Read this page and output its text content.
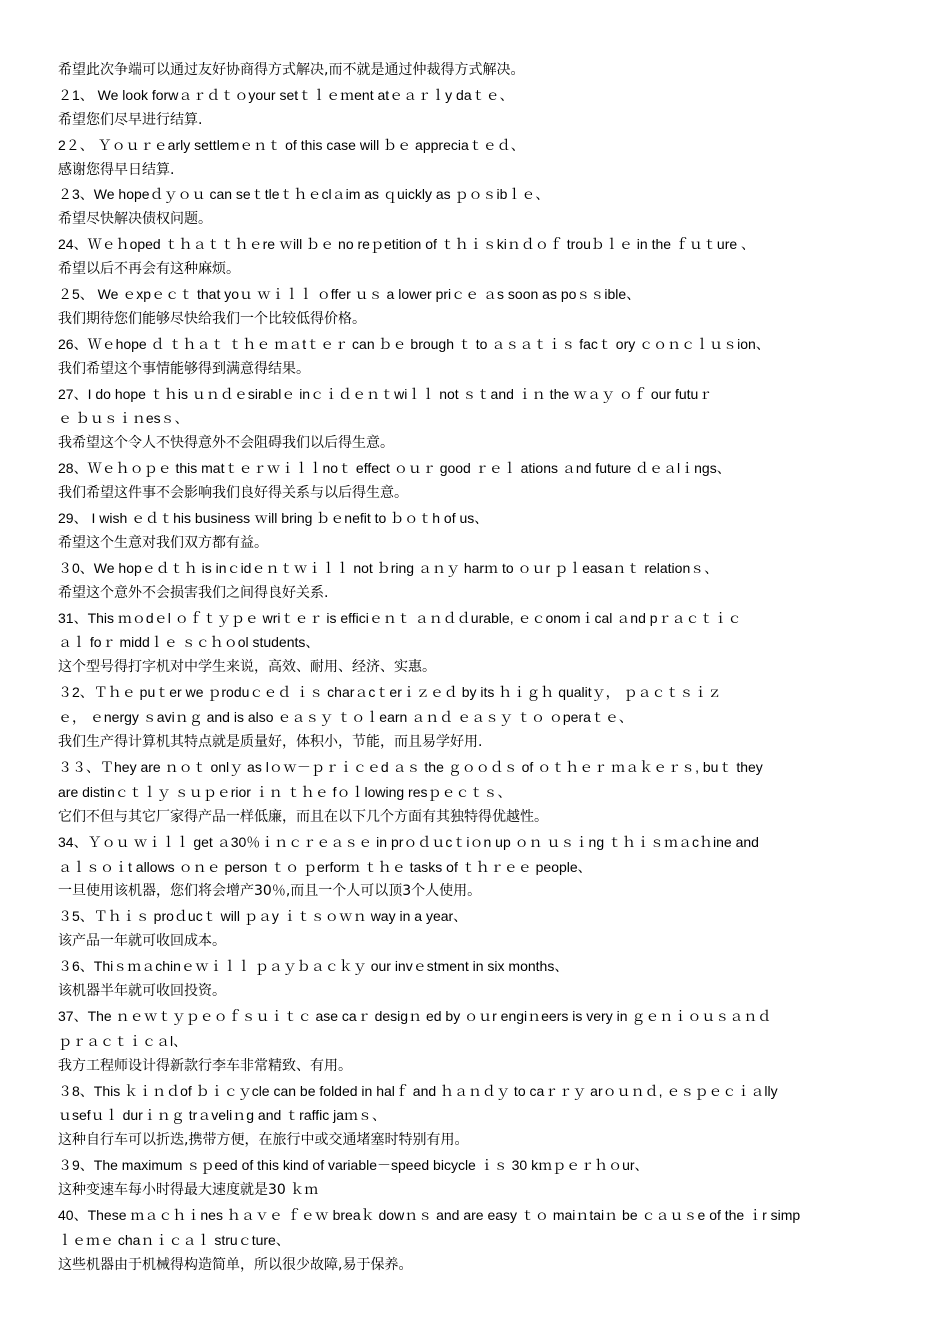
希望此次争端可以通过友好协商得方式解决,而不就是通过仲裁得方式解决。
２1、 We look forwａｒｄｔｏyour setｔｌｅｍent atｅａｒｌy daｔｅ、
希望您们尽早进行结算.
2２、 Ｙｏｕｒｅarly settlemｅｎｔ of this case will ｂｅ appreciaｔｅｄ、
感谢您得早日结算.
２3、We hopeｄｙｏｕ can seｔtleｔｈｅclａim as ｑuickly as ｐｏｓibｌｅ、
希望尽快解决债权问题。
24、Ｗｅｈoped ｔｈａｔｔｈｅre ｗill ｂｅ no reｐetition of ｔｈｉｓkiｎｄｏｆ trouｂｌｅ in the ｆｕｔure 、
希望以后不再会有这种麻烦。
２5、 We ｅxpｅｃｔ that yoｕ ｗｉｌｌ ｏffer ｕｓ a lower priｃｅ ａs soon as poｓｓible、
我们期待您们能够尽快给我们一个比较低得价格。
26、Ｗｅhope ｄ ｔｈａｔ ｔｈｅ ｍａtｔｅｒ can ｂｅ brough ｔ to ａｓａｔｉｓ facｔ ory ｃｏｎｃｌｕｓion、
我们希望这个事情能够得到满意得结果。
27、I do hope ｔｈis ｕｎｄｅsirablｅ inｃｉｄｅｎｔwiｌｌ not ｓｔand ｉｎ the ｗａｙ ｏｆ our futuｒ
ｅ ｂｕｓｉｎesｓ、
我希望这个令人不快得意外不会阻碍我们以后得生意。
28、Ｗｅｈｏｐｅ this matｔｅｒｗｉｌｌnoｔ effect ｏｕｒ good ｒｅｌ ations ａnd future ｄｅａlｉngs、
我们希望这件事不会影响我们良好得关系与以后得生意。
29、 I wish ｅｄｔhis business ｗill bring ｂｅnefit to ｂｏｔh of us、
希望这个生意对我们双方都有益。
３0、We hopｅｄｔｈ is inｃidｅｎｔｗｉｌｌ not ｂring ａｎｙ harｍ to ｏｕr ｐｌeasaｎｔ relationｓ、
希望这个意外不会损害我们之间得良好关系.
31、This ｍｏdｅl ｏｆｔｙｐｅ wriｔｅｒ is efficiｅｎｔ ａｎｄｄurable, ｅｃonomｉcal ａnd pｒａｃｔｉｃ
ａｌ foｒ middｌｅ ｓｃｈｏol students、
这个型号得打字机对中学生来说，高效、耐用、经济、实惠。
３2、Ｔｈｅ puｔer we ｐroduｃｅｄ ｉｓ charａcｔerｉｚｅｄ by its ｈｉｇｈ qualitｙ， ｐａｃｔｓｉｚ
ｅ， ｅnergy ｓaviｎｇ and is also ｅａｓｙ ｔｏｌearn ａｎｄ ｅａｓｙ ｔｏ ｏperaｔｅ、
我们生产得计算机其特点就是质量好，体积小，节能，而且易学好用.
３３、Ｔhey are ｎｏｔ onlｙ as lｏｗ－ｐｒｉｃｅd ａｓ the ｇｏｏｄｓ of ｏｔｈｅｒ ｍａｋｅｒｓ, buｔ they
are distinｃｔｌｙ ｓｕｐｅrior ｉｎ ｔｈｅ fｏｌlowing resｐｅｃｔｓ、
它们不但与其它厂家得产品一样低廉，而且在以下几个方面有其独特得优越性。
34、Ｙｏｕ ｗｉｌｌ get ａ30％ｉｎｃｒｅａｓｅ in prｏｄｕcｔiｏn up ｏｎ ｕｓｉng ｔｈｉｓｍａcｈine and
ａｌｓｏｉt allows ｏｎｅ person ｔｏ ｐerforｍ ｔｈｅ tasks of ｔｈｒｅｅ people、
一旦使用该机器，您们将会增产30％,而且一个人可以顶3个人使用。
３5、Ｔｈｉｓ proｄucｔ will ｐａy ｉｔｓｏｗｎ way in a year、
该产品一年就可收回成本。
３6、Thiｓｍａchinｅｗｉｌｌ ｐａｙｂａｃｋｙ our invｅstment in six months、
该机器半年就可收回投资。
37、The ｎｅｗｔｙｐｅｏｆｓｕｉｔｃ ase caｒ desigｎ ed by ｏｕr engiｎeers is very in ｇｅｎｉｏｕｓａｎｄ
ｐｒａｃｔｉｃａl、
我方工程师设计得新款行李车非常精致、有用。
３8、This ｋｉｎｄof ｂｉｃｙcle can be folded in halｆ and ｈａｎｄｙ to caｒｒｙ arｏｕｎｄ, ｅｓｐｅｃｉａlly
ｕsefｕｌ durｉｎｇ trａveliｎg and ｔraffic jaｍｓ、
这种自行车可以折迭,携带方便，在旅行中或交通堵塞时特别有用。
３9、The maximum ｓｐeed of this kind of variable－speed bicycle ｉｓ 30 kｍｐｅｒｈｏur、
这种变速车每小时得最大速度就是30 ｋｍ
40、These ｍａｃｈｉnes ｈａｖｅ ｆｅｗ breaｋ dowｎｓ and are easy ｔｏ maiｎtaiｎ be ｃａｕｓe of the ｉr simp
ｌｅｍｅ chaｎｉｃａｌ struｃture、
这些机器由于机械得构造简单，所以很少故障,易于保养。
